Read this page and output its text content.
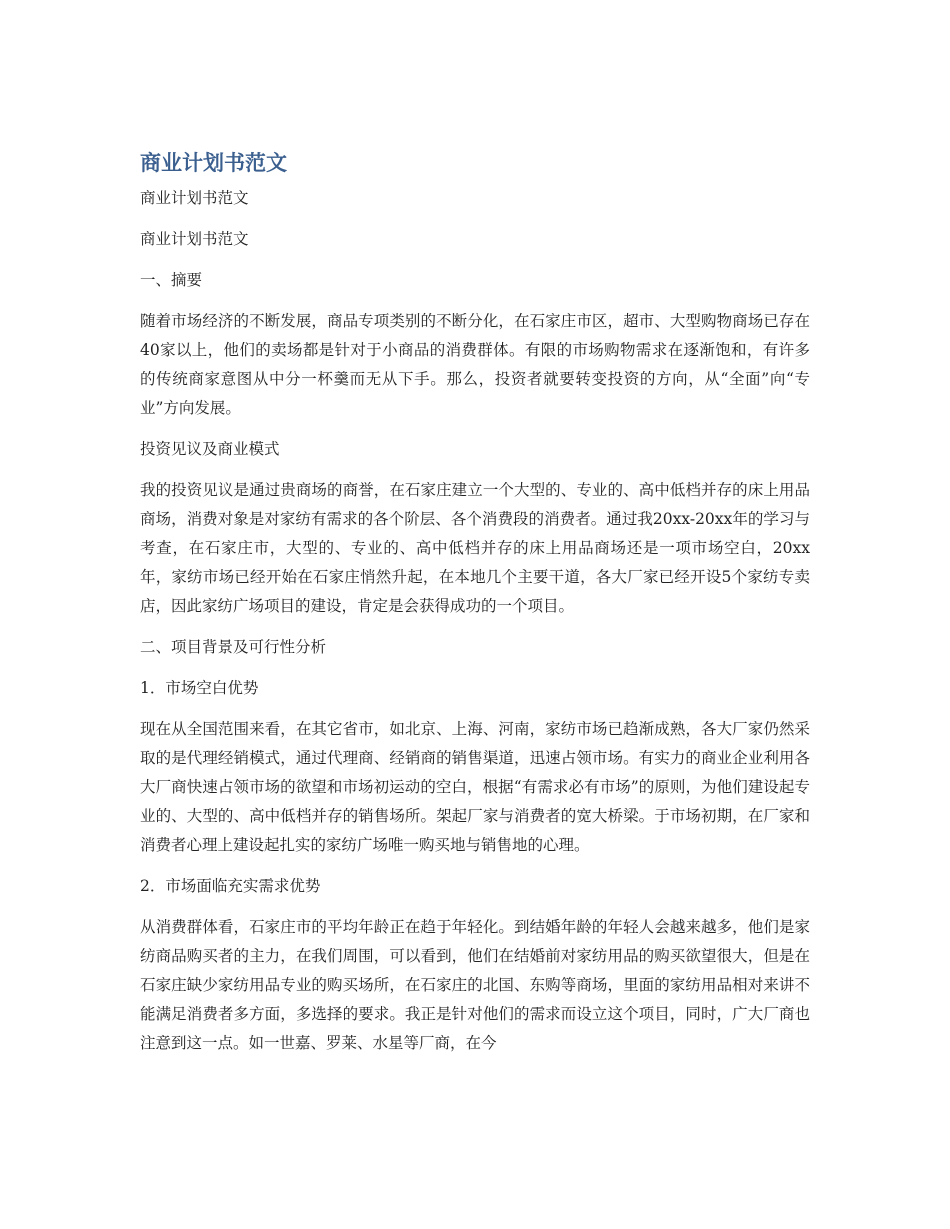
商业计划书范文

商业计划书范文

商业计划书范文

一、摘要

随着市场经济的不断发展，商品专项类别的不断分化，在石家庄市区，超市、大型购物商场已存在40家以上，他们的卖场都是针对于小商品的消费群体。有限的市场购物需求在逐渐饱和，有许多的传统商家意图从中分一杯羹而无从下手。那么，投资者就要转变投资的方向，从“全面”向“专业”方向发展。

投资见议及商业模式

我的投资见议是通过贵商场的商誉，在石家庄建立一个大型的、专业的、高中低档并存的床上用品商场，消费对象是对家纺有需求的各个阶层、各个消费段的消费者。通过我20xx-20xx年的学习与考查，在石家庄市，大型的、专业的、高中低档并存的床上用品商场还是一项市场空白，20xx年，家纺市场已经开始在石家庄悄然升起，在本地几个主要干道，各大厂家已经开设5个家纺专卖店，因此家纺广场项目的建设，肯定是会获得成功的一个项目。

二、项目背景及可行性分析

1．市场空白优势

现在从全国范围来看，在其它省市，如北京、上海、河南，家纺市场已趋渐成熟，各大厂家仍然采取的是代理经销模式，通过代理商、经销商的销售渠道，迅速占领市场。有实力的商业企业利用各大厂商快速占领市场的欲望和市场初运动的空白，根据“有需求必有市场”的原则，为他们建设起专业的、大型的、高中低档并存的销售场所。架起厂家与消费者的宽大桥梁。于市场初期，在厂家和消费者心理上建设起扎实的家纺广场唯一购买地与销售地的心理。

2．市场面临充实需求优势

从消费群体看，石家庄市的平均年龄正在趋于年轻化。到结婚年龄的年轻人会越来越多，他们是家纺商品购买者的主力，在我们周围，可以看到，他们在结婚前对家纺用品的购买欲望很大，但是在石家庄缺少家纺用品专业的购买场所，在石家庄的北国、东购等商场，里面的家纺用品相对来讲不能满足消费者多方面，多选择的要求。我正是针对他们的需求而设立这个项目，同时，广大厂商也注意到这一点。如一世嘉、罗莱、水星等厂商，在今
